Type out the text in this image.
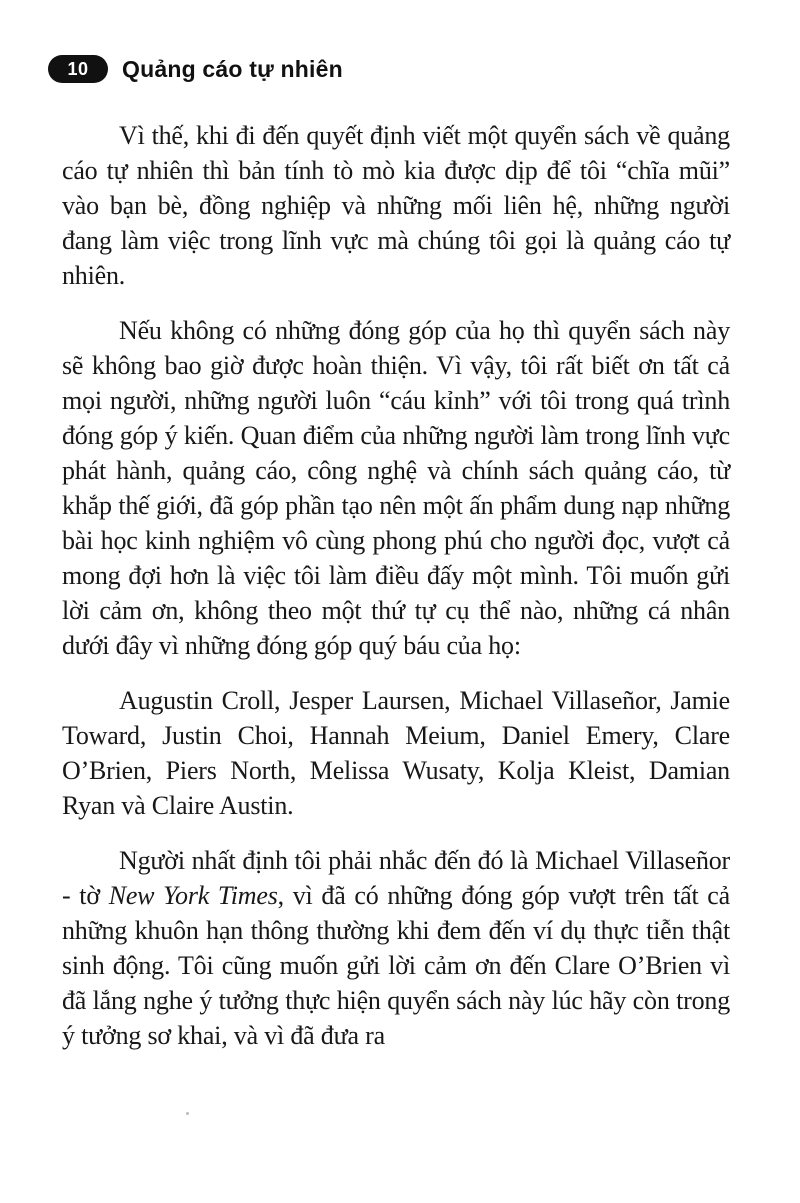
10	Quảng cáo tự nhiên

Vì thế, khi đi đến quyết định viết một quyển sách về quảng cáo tự nhiên thì bản tính tò mò kia được dịp để tôi “chĩa mũi” vào bạn bè, đồng nghiệp và những mối liên hệ, những người đang làm việc trong lĩnh vực mà chúng tôi gọi là quảng cáo tự nhiên.

Nếu không có những đóng góp của họ thì quyển sách này sẽ không bao giờ được hoàn thiện. Vì vậy, tôi rất biết ơn tất cả mọi người, những người luôn “cáu kỉnh” với tôi trong quá trình đóng góp ý kiến. Quan điểm của những người làm trong lĩnh vực phát hành, quảng cáo, công nghệ và chính sách quảng cáo, từ khắp thế giới, đã góp phần tạo nên một ấn phẩm dung nạp những bài học kinh nghiệm vô cùng phong phú cho người đọc, vượt cả mong đợi hơn là việc tôi làm điều đấy một mình. Tôi muốn gửi lời cảm ơn, không theo một thứ tự cụ thể nào, những cá nhân dưới đây vì những đóng góp quý báu của họ:

Augustin Croll, Jesper Laursen, Michael Villaseñor, Jamie Toward, Justin Choi, Hannah Meium, Daniel Emery, Clare O’Brien, Piers North, Melissa Wusaty, Kolja Kleist, Damian Ryan và Claire Austin.

Người nhất định tôi phải nhắc đến đó là Michael Villaseñor - tờ New York Times, vì đã có những đóng góp vượt trên tất cả những khuôn hạn thông thường khi đem đến ví dụ thực tiễn thật sinh động. Tôi cũng muốn gửi lời cảm ơn đến Clare O’Brien vì đã lắng nghe ý tưởng thực hiện quyển sách này lúc hãy còn trong ý tưởng sơ khai, và vì đã đưa ra
